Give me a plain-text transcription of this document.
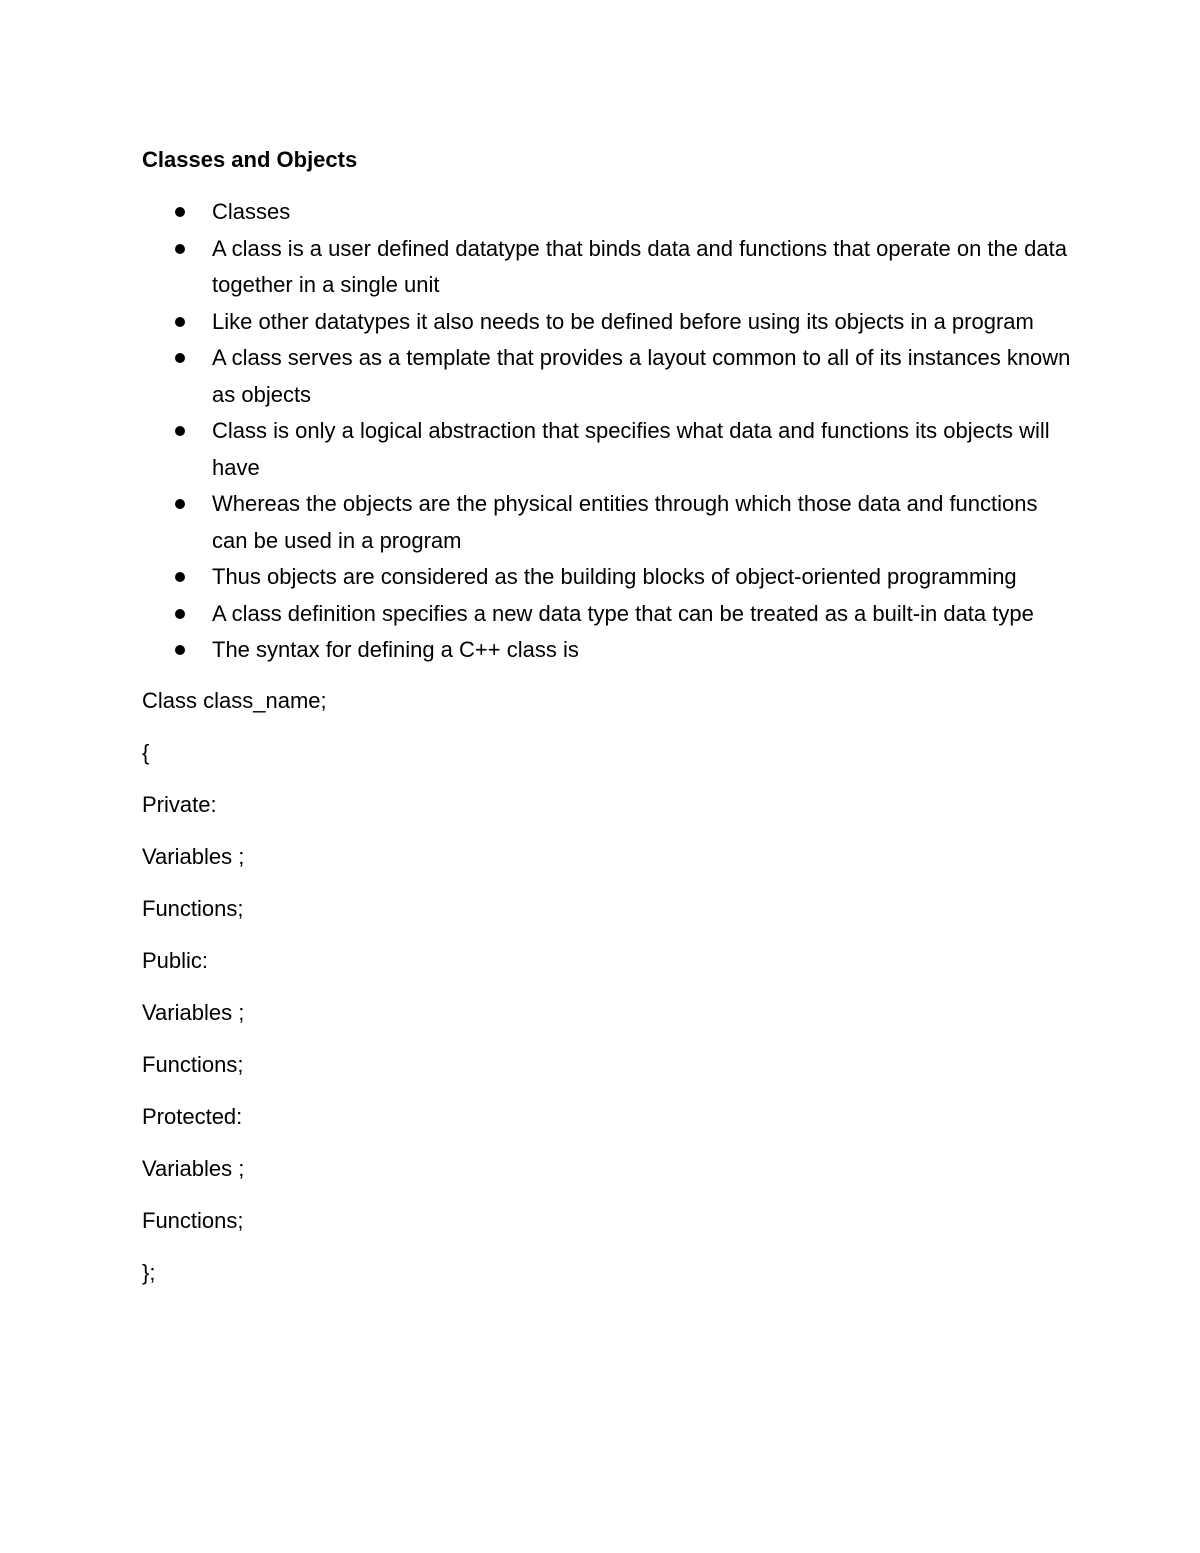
Classes and Objects
Classes
A class is a user defined datatype that binds data and functions that operate on the data together in a single unit
Like other datatypes it also needs to be defined before using its objects in a program
A class serves as a template that provides a layout common to all of its instances known as objects
Class is only a logical abstraction that specifies what data and functions its objects will have
Whereas the objects are the physical entities through which those data and functions can be used in a program
Thus objects are considered as the building blocks of object-oriented programming
A class definition specifies a new data type that can be treated as a built-in data type
The syntax for defining a C++ class is

Class class_name;

{

Private:

Variables ;

Functions;

Public:

Variables ;

Functions;

Protected:

Variables ;

Functions;

};
